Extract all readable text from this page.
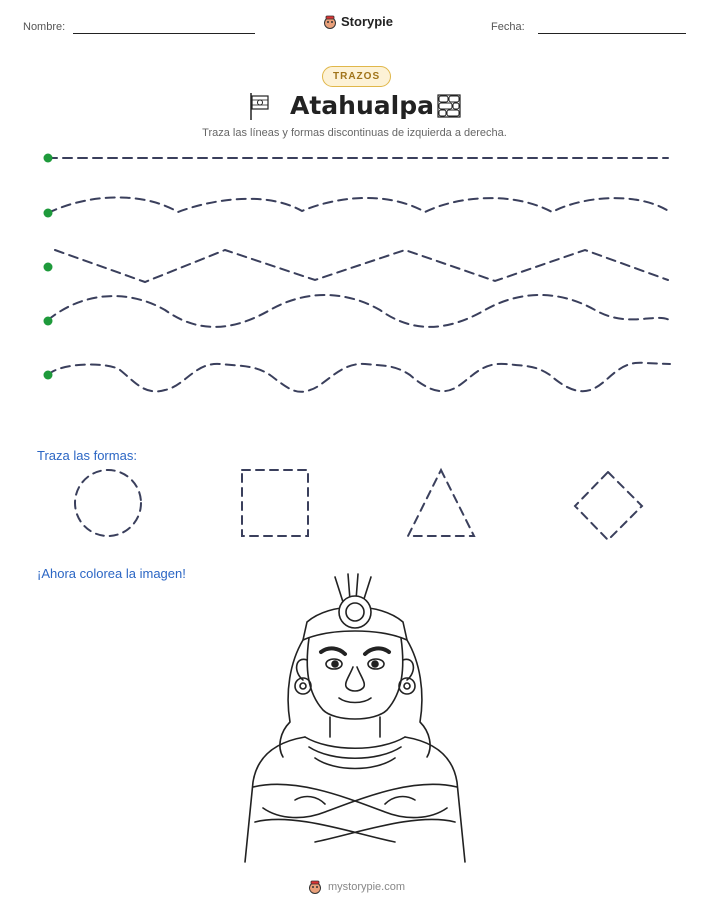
Nombre:	Storypie	Fecha:
TRAZOS
Atahualpa
Traza las líneas y formas discontinuas de izquierda a derecha.
Traza las formas:
¡Ahora colorea la imagen!
mystorypie.com
